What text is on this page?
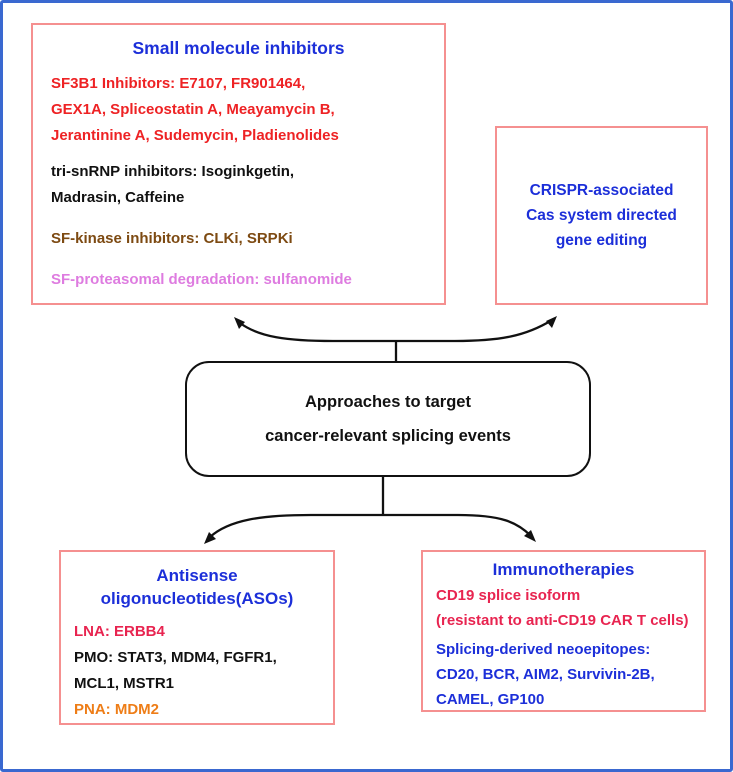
Small molecule inhibitors
SF3B1 Inhibitors: E7107, FR901464,
GEX1A, Spliceostatin A, Meayamycin B,
Jerantinine A, Sudemycin, Pladienolides
tri-snRNP inhibitors: Isoginkgetin,
Madrasin, Caffeine
SF-kinase inhibitors: CLKi, SRPKi
SF-proteasomal degradation: sulfanomide
CRISPR-associated
Cas system directed
gene editing
Approaches to target
cancer-relevant splicing events
Antisense
oligonucleotides(ASOs)
LNA: ERBB4
PMO: STAT3, MDM4, FGFR1,
MCL1, MSTR1
PNA: MDM2
Immunotherapies
CD19 splice isoform
(resistant to anti-CD19 CAR T cells)
Splicing-derived neoepitopes:
CD20, BCR, AIM2, Survivin-2B,
CAMEL, GP100
